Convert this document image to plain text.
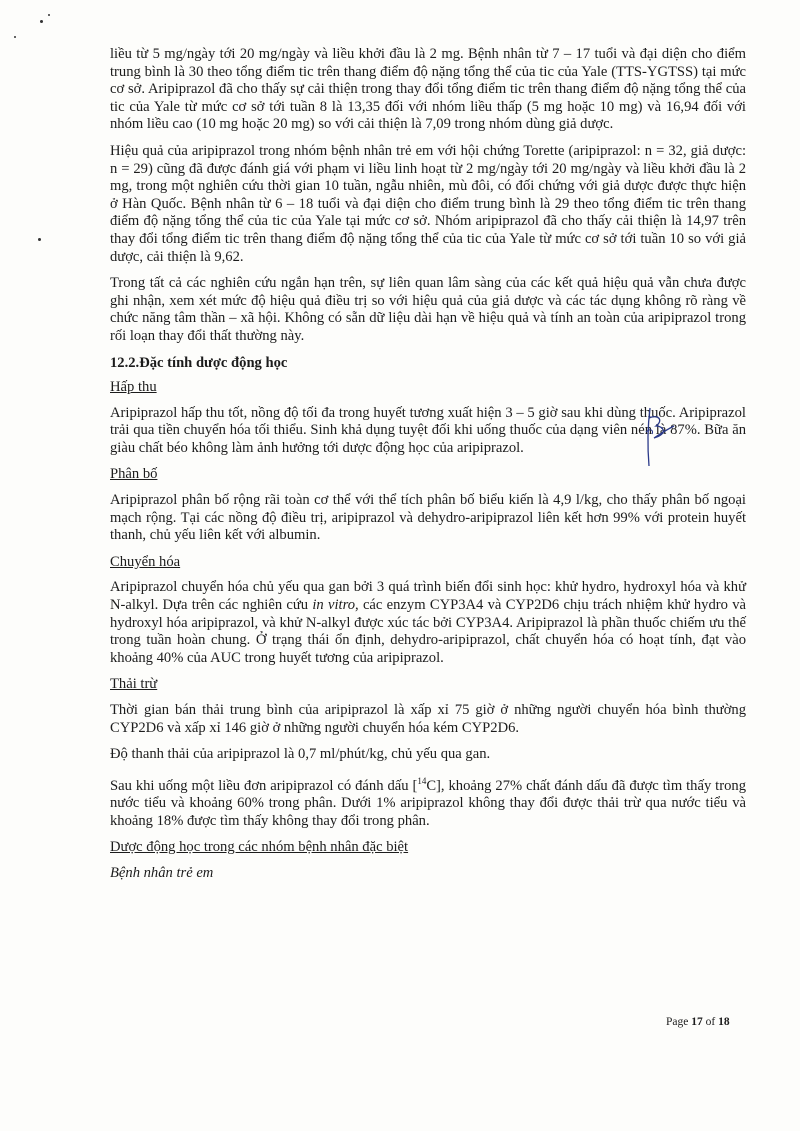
liều từ 5 mg/ngày tới 20 mg/ngày và liều khởi đầu là 2 mg. Bệnh nhân từ 7 – 17 tuổi và đại diện cho điểm trung bình là 30 theo tổng điểm tic trên thang điểm độ nặng tổng thể của tic của Yale (TTS-YGTSS) tại mức cơ sở. Aripiprazol đã cho thấy sự cải thiện trong thay đổi tổng điểm tic trên thang điểm độ nặng tổng thể của tic của Yale từ mức cơ sở tới tuần 8 là 13,35 đối với nhóm liều thấp (5 mg hoặc 10 mg) và 16,94 đối với nhóm liều cao (10 mg hoặc 20 mg) so với cải thiện là 7,09 trong nhóm dùng giả dược.

Hiệu quả của aripiprazol trong nhóm bệnh nhân trẻ em với hội chứng Torette (aripiprazol: n = 32, giả dược: n = 29) cũng đã được đánh giá với phạm vi liều linh hoạt từ 2 mg/ngày tới 20 mg/ngày và liều khởi đầu là 2 mg, trong một nghiên cứu thời gian 10 tuần, ngẫu nhiên, mù đôi, có đối chứng với giả dược được thực hiện ở Hàn Quốc. Bệnh nhân từ 6 – 18 tuổi và đại diện cho điểm trung bình là 29 theo tổng điểm tic trên thang điểm độ nặng tổng thể của tic của Yale tại mức cơ sở. Nhóm aripiprazol đã cho thấy cải thiện là 14,97 trên thay đổi tổng điểm tic trên thang điểm độ nặng tổng thể của tic của Yale từ mức cơ sở tới tuần 10 so với giả dược, cải thiện là 9,62.

Trong tất cả các nghiên cứu ngắn hạn trên, sự liên quan lâm sàng của các kết quả hiệu quả vẫn chưa được ghi nhận, xem xét mức độ hiệu quả điều trị so với hiệu quả của giả dược và các tác dụng không rõ ràng về chức năng tâm thần – xã hội. Không có sẵn dữ liệu dài hạn về hiệu quả và tính an toàn của aripiprazol trong rối loạn thay đổi thất thường này.

12.2.Đặc tính dược động học
Hấp thu

Aripiprazol hấp thu tốt, nồng độ tối đa trong huyết tương xuất hiện 3 – 5 giờ sau khi dùng thuốc. Aripiprazol trải qua tiền chuyển hóa tối thiểu. Sinh khả dụng tuyệt đối khi uống thuốc của dạng viên nén là 87%. Bữa ăn giàu chất béo không làm ảnh hưởng tới dược động học của aripiprazol.

Phân bố

Aripiprazol phân bố rộng rãi toàn cơ thể với thể tích phân bố biểu kiến là 4,9 l/kg, cho thấy phân bố ngoại mạch rộng. Tại các nồng độ điều trị, aripiprazol và dehydro-aripiprazol liên kết hơn 99% với protein huyết thanh, chủ yếu liên kết với albumin.

Chuyển hóa

Aripiprazol chuyển hóa chủ yếu qua gan bởi 3 quá trình biến đổi sinh học: khử hydro, hydroxyl hóa và khử N-alkyl. Dựa trên các nghiên cứu in vitro, các enzym CYP3A4 và CYP2D6 chịu trách nhiệm khử hydro và hydroxyl hóa aripiprazol, và khử N-alkyl được xúc tác bởi CYP3A4. Aripiprazol là phần thuốc chiếm ưu thế trong tuần hoàn chung. Ở trạng thái ổn định, dehydro-aripiprazol, chất chuyển hóa có hoạt tính, đạt vào khoảng 40% của AUC trong huyết tương của aripiprazol.

Thải trừ

Thời gian bán thải trung bình của aripiprazol là xấp xỉ 75 giờ ở những người chuyển hóa bình thường CYP2D6 và xấp xỉ 146 giờ ở những người chuyển hóa kém CYP2D6.

Độ thanh thải của aripiprazol là 0,7 ml/phút/kg, chủ yếu qua gan.

Sau khi uống một liều đơn aripiprazol có đánh dấu [$^{14}$C], khoảng 27% chất đánh dấu đã được tìm thấy trong nước tiểu và khoảng 60% trong phân. Dưới 1% aripiprazol không thay đổi được thải trừ qua nước tiểu và khoảng 18% được tìm thấy không thay đổi trong phân.

Dược động học trong các nhóm bệnh nhân đặc biệt
Bệnh nhân trẻ em
Page 17 of 18
